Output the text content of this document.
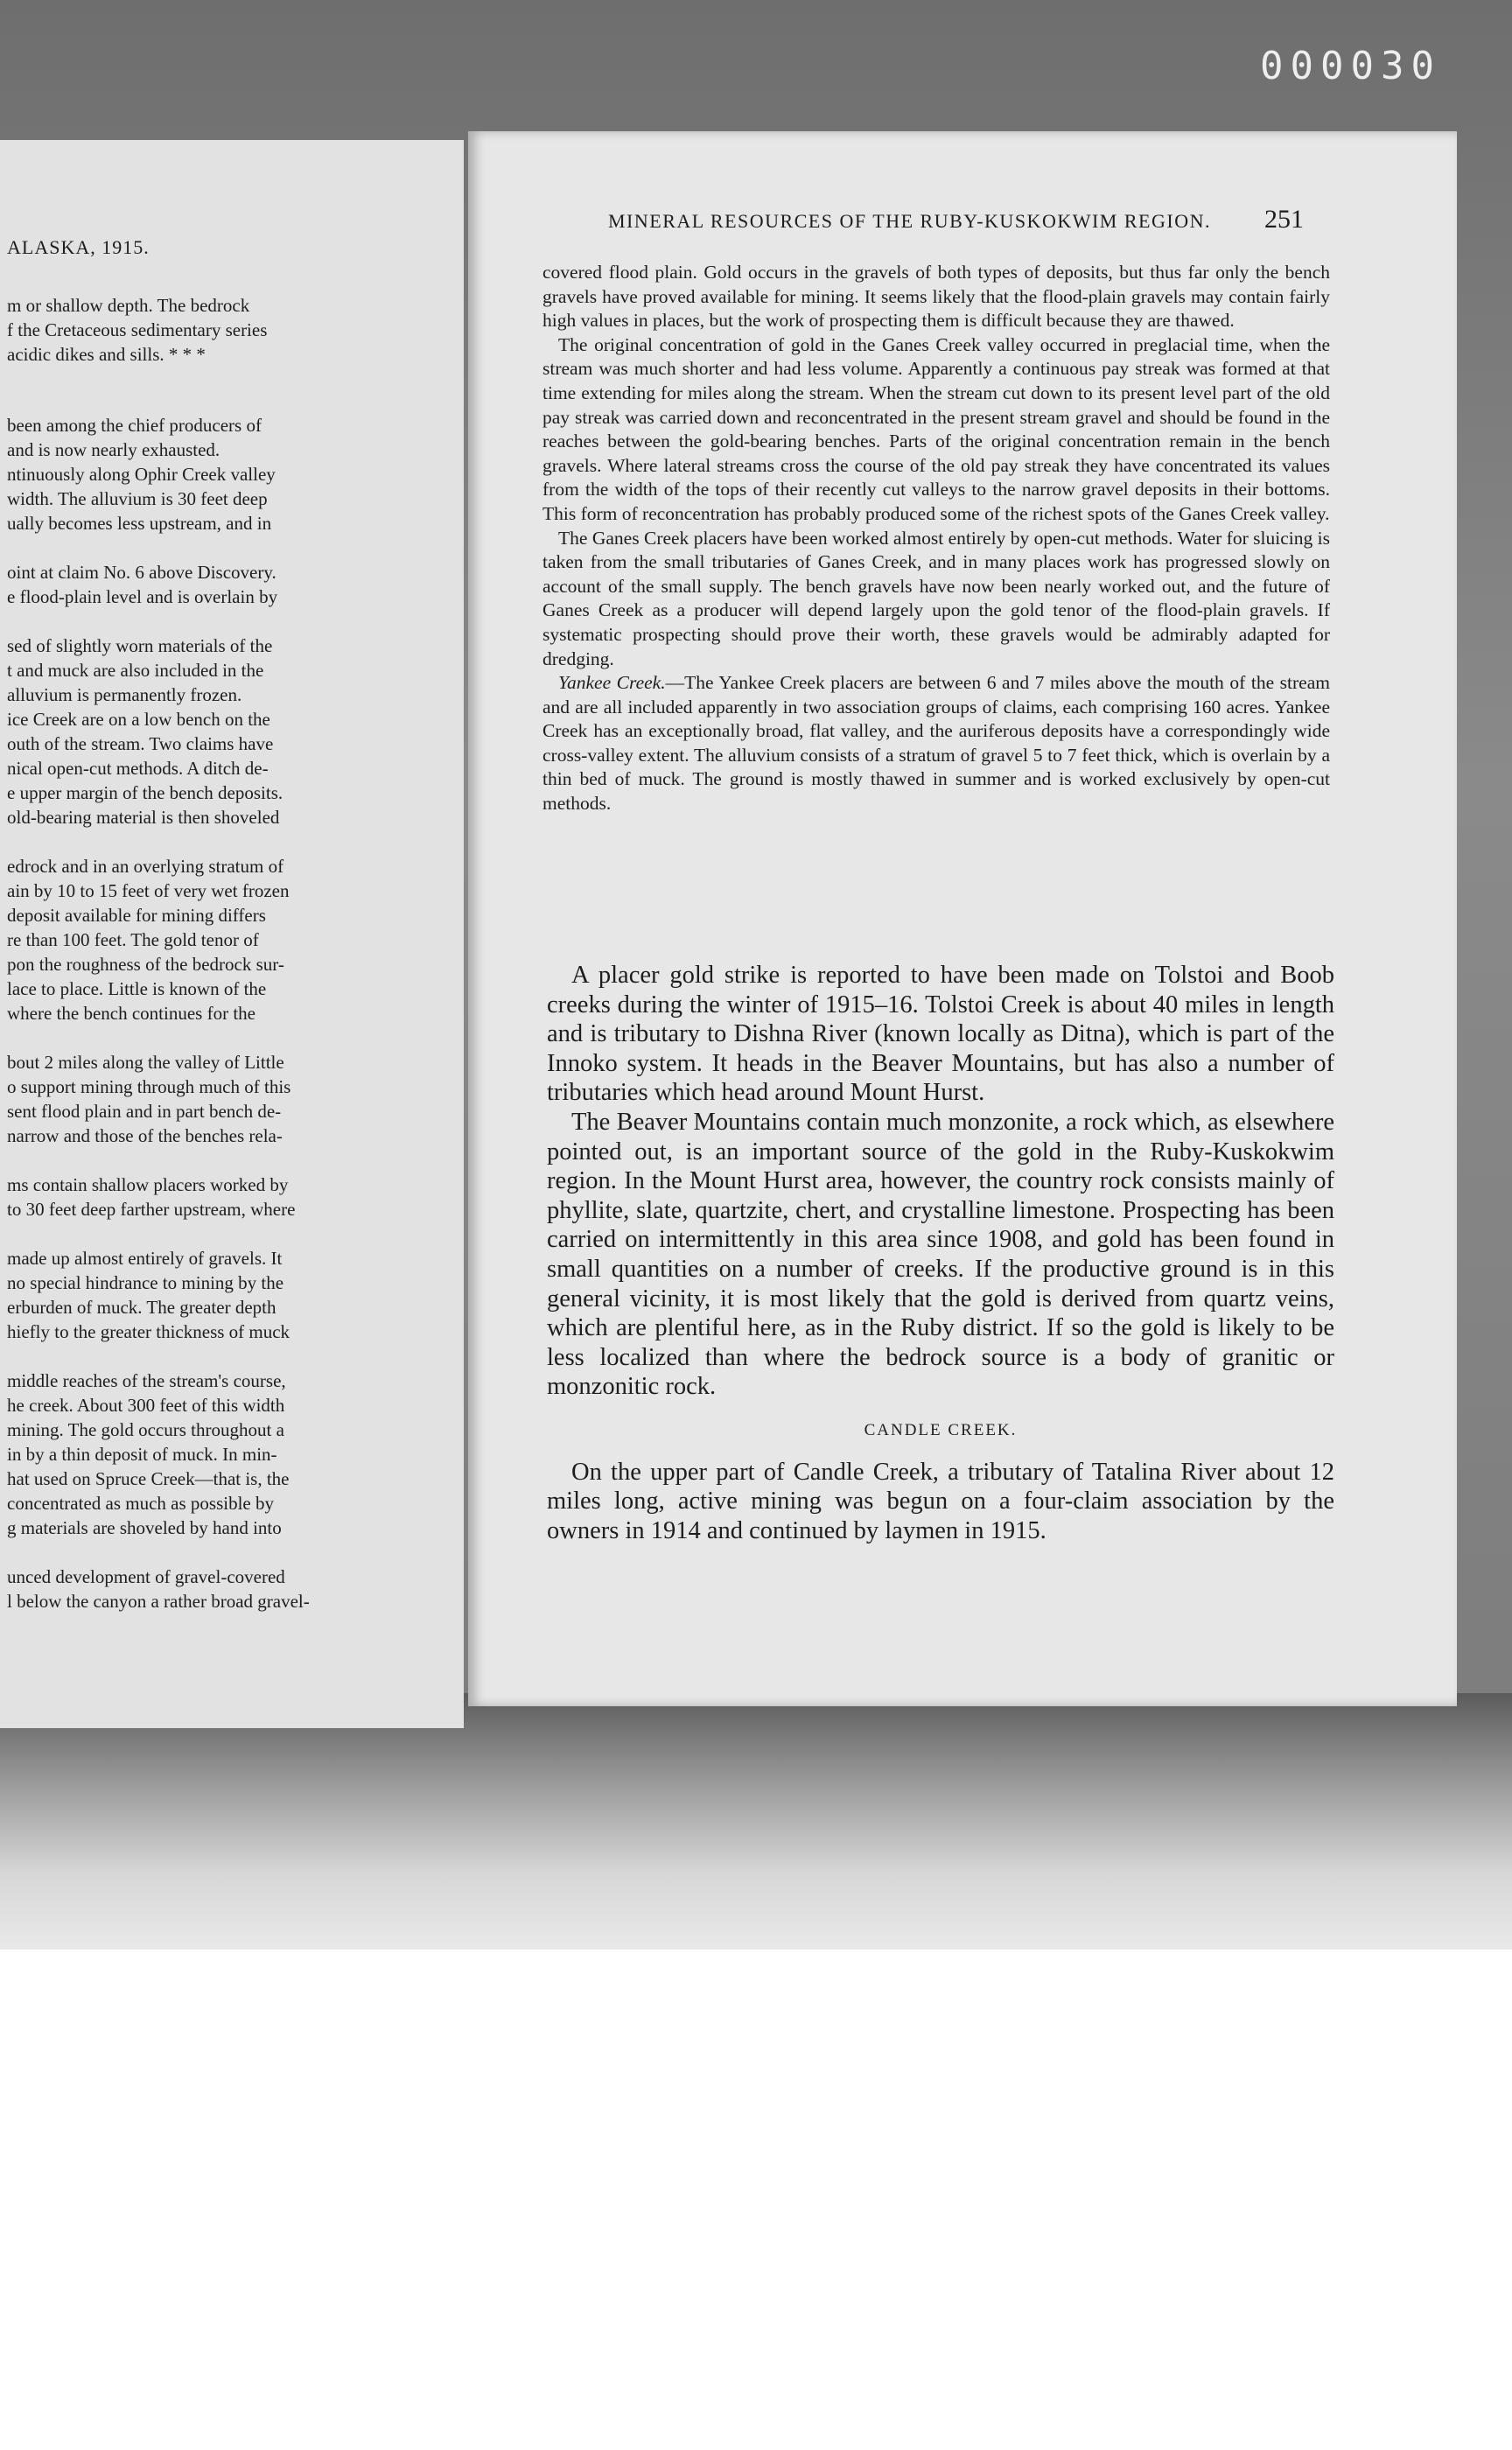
000030
ALASKA, 1915.
m or shallow depth. The bedrock
f the Cretaceous sedimentary series
acidic dikes and sills. * * *
been among the chief producers of
and is now nearly exhausted.
ntinuously along Ophir Creek valley
width. The alluvium is 30 feet deep
ually becomes less upstream, and in
oint at claim No. 6 above Discovery.
e flood-plain level and is overlain by
sed of slightly worn materials of the
t and muck are also included in the
alluvium is permanently frozen.
ice Creek are on a low bench on the
outh of the stream. Two claims have
nical open-cut methods. A ditch de-
e upper margin of the bench deposits.
old-bearing material is then shoveled
edrock and in an overlying stratum of
ain by 10 to 15 feet of very wet frozen
deposit available for mining differs
re than 100 feet. The gold tenor of
pon the roughness of the bedrock sur-
lace to place. Little is known of the
where the bench continues for the
bout 2 miles along the valley of Little
o support mining through much of this
sent flood plain and in part bench de-
narrow and those of the benches rela-
ms contain shallow placers worked by
to 30 feet deep farther upstream, where
made up almost entirely of gravels. It
no special hindrance to mining by the
erburden of muck. The greater depth
hiefly to the greater thickness of muck
middle reaches of the stream's course,
he creek. About 300 feet of this width
mining. The gold occurs throughout a
in by a thin deposit of muck. In min-
hat used on Spruce Creek—that is, the
concentrated as much as possible by
g materials are shoveled by hand into
unced development of gravel-covered
l below the canyon a rather broad gravel-
MINERAL RESOURCES OF THE RUBY-KUSKOKWIM REGION.	251

covered flood plain. Gold occurs in the gravels of both types of deposits, but thus far only the bench gravels have proved available for mining. It seems likely that the flood-plain gravels may contain fairly high values in places, but the work of prospecting them is difficult because they are thawed.

The original concentration of gold in the Ganes Creek valley occurred in preglacial time, when the stream was much shorter and had less volume. Apparently a continuous pay streak was formed at that time extending for miles along the stream. When the stream cut down to its present level part of the old pay streak was carried down and reconcentrated in the present stream gravel and should be found in the reaches between the gold-bearing benches. Parts of the original concentration remain in the bench gravels. Where lateral streams cross the course of the old pay streak they have concentrated its values from the width of the tops of their recently cut valleys to the narrow gravel deposits in their bottoms. This form of reconcentration has probably produced some of the richest spots of the Ganes Creek valley.

The Ganes Creek placers have been worked almost entirely by open-cut methods. Water for sluicing is taken from the small tributaries of Ganes Creek, and in many places work has progressed slowly on account of the small supply. The bench gravels have now been nearly worked out, and the future of Ganes Creek as a producer will depend largely upon the gold tenor of the flood-plain gravels. If systematic prospecting should prove their worth, these gravels would be admirably adapted for dredging.

Yankee Creek.—The Yankee Creek placers are between 6 and 7 miles above the mouth of the stream and are all included apparently in two association groups of claims, each comprising 160 acres. Yankee Creek has an exceptionally broad, flat valley, and the auriferous deposits have a correspondingly wide cross-valley extent. The alluvium consists of a stratum of gravel 5 to 7 feet thick, which is overlain by a thin bed of muck. The ground is mostly thawed in summer and is worked exclusively by open-cut methods.

A placer gold strike is reported to have been made on Tolstoi and Boob creeks during the winter of 1915–16. Tolstoi Creek is about 40 miles in length and is tributary to Dishna River (known locally as Ditna), which is part of the Innoko system. It heads in the Beaver Mountains, but has also a number of tributaries which head around Mount Hurst.

The Beaver Mountains contain much monzonite, a rock which, as elsewhere pointed out, is an important source of the gold in the Ruby-Kuskokwim region. In the Mount Hurst area, however, the country rock consists mainly of phyllite, slate, quartzite, chert, and crystalline limestone. Prospecting has been carried on intermittently in this area since 1908, and gold has been found in small quantities on a number of creeks. If the productive ground is in this general vicinity, it is most likely that the gold is derived from quartz veins, which are plentiful here, as in the Ruby district. If so the gold is likely to be less localized than where the bedrock source is a body of granitic or monzonitic rock.

CANDLE CREEK.

On the upper part of Candle Creek, a tributary of Tatalina River about 12 miles long, active mining was begun on a four-claim association by the owners in 1914 and continued by laymen in 1915.
